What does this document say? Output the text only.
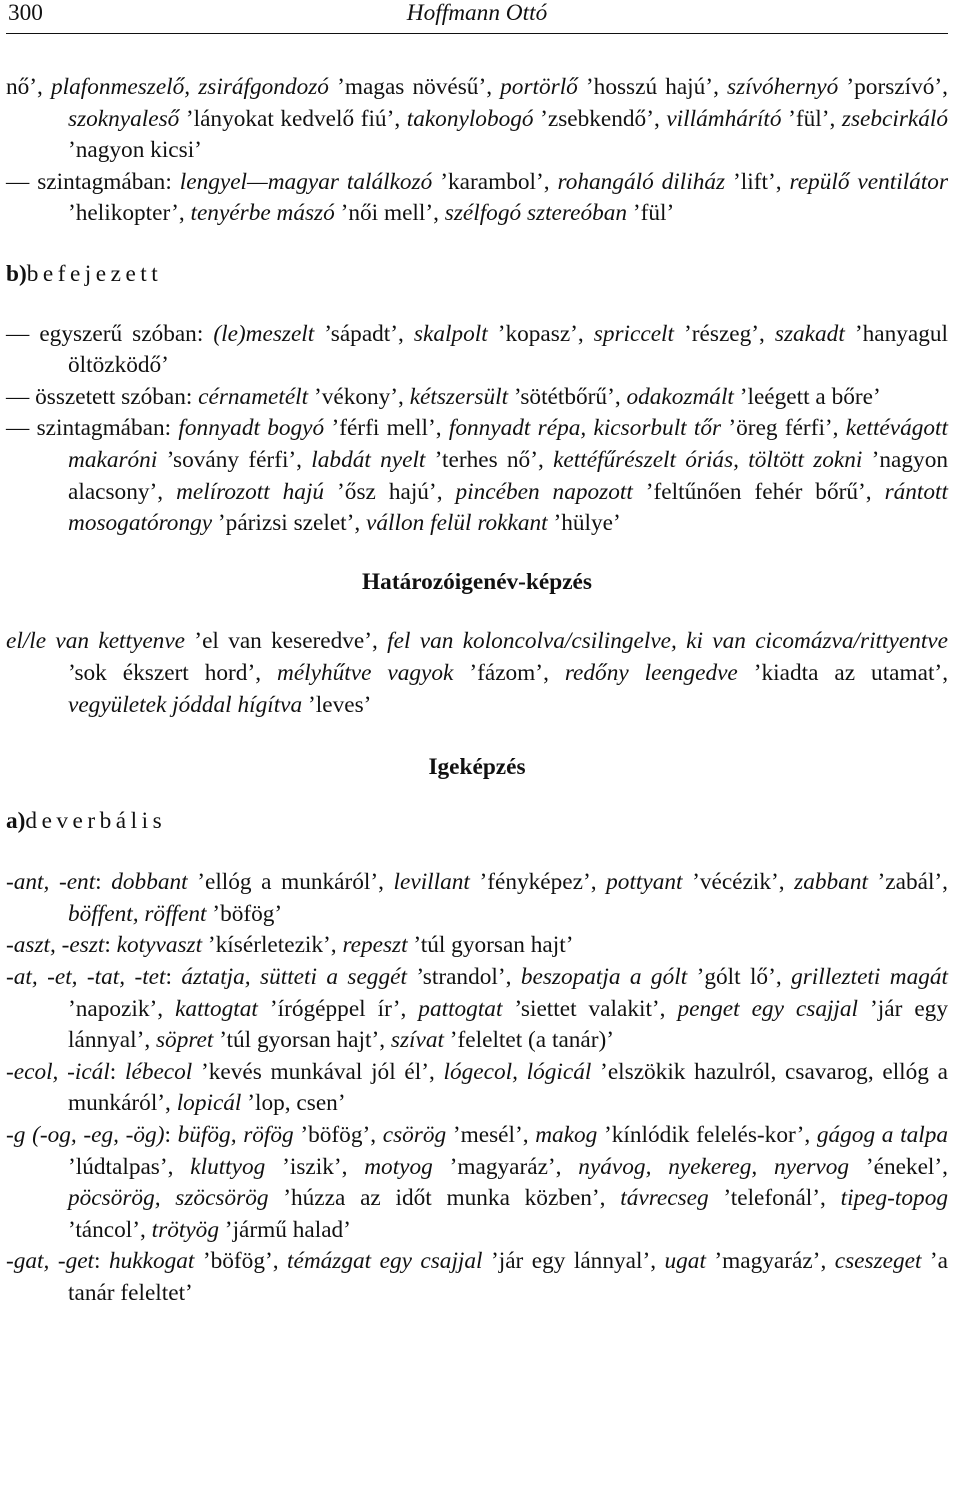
300	Hoffmann Ottó
nő’, plafonmeszelő, zsiráfgondozó ’magas növésű’, portörlő ’hosszú hajú’, szívóhernyó ’porszívó’, szoknyaleső ’lányokat kedvelő fiú’, takonylobogó ’zsebkendő’, villámhárító ’fül’, zsebcirkáló ’nagyon kicsi’
— szintagmában: lengyel—magyar találkozó ’karambol’, rohangáló diliház ’lift’, repülő ventilátor ’helikopter’, tenyérbe mászó ’női mell’, szélfogó sztereóban ’fül’
b)befejezett
— egyszerű szóban: (le)meszelt ’sápadt’, skalpolt ’kopasz’, spriccelt ’részeg’, szakadt ’hanyagul öltözködő’
— összetett szóban: cérnametélt ’vékony’, kétszersült ’sötétbőrű’, odakozmált ’leégett a bőre’
— szintagmában: fonnyadt bogyó ’férfi mell’, fonnyadt répa, kicsorbult tőr ’öreg férfi’, kettévágott makaróni ’sovány férfi’, labdát nyelt ’terhes nő’, kettéfűrészelt óriás, töltött zokni ’nagyon alacsony’, melírozott hajú ’ősz hajú’, pincében napozott ’feltűnően fehér bőrű’, rántott mosogatórongy ’párizsi szelet’, vállon felül rokkant ’hülye’
Határozóigenév-képzés
el/le van kettyenve ’el van keseredve’, fel van koloncolva/csilingelve, ki van cicomázva/rittyentve ’sok ékszert hord’, mélyhűtve vagyok ’fázom’, redőny leengedve ’kiadta az utamat’, vegyületek jóddal hígítva ’leves’
Igeképzés
a)deverbális
-ant, -ent: dobbant ’ellóg a munkáról’, levillant ’fényképez’, pottyant ’vécézik’, zabbant ’zabál’, böffent, röffent ’böfög’
-aszt, -eszt: kotyvaszt ’kísérletezik’, repeszt ’túl gyorsan hajt’
-at, -et, -tat, -tet: áztatja, sütteti a seggét ’strandol’, beszopatja a gólt ’gólt lő’, grillezteti magát ’napozik’, kattogtat ’írógéppel ír’, pattogtat ’siettet valakit’, penget egy csajjal ’jár egy lánnyal’, söpret ’túl gyorsan hajt’, szívat ’feleltet (a tanár)’
-ecol, -icál: lébecol ’kevés munkával jól él’, lógecol, lógicál ’elszökik hazulról, csavarog, ellóg a munkáról’, lopicál ’lop, csen’
-g (-og, -eg, -ög): büfög, röfög ’böfög’, csörög ’mesél’, makog ’kínlódik felelés-kor’, gágog a talpa ’lúdtalpas’, kluttyog ’iszik’, motyog ’magyaráz’, nyávog, nyekereg, nyervog ’énekel’, pöcsörög, szöcsörög ’húzza az időt munka közben’, távrecseg ’telefonál’, tipeg-topog ’táncol’, trötyög ’jármű halad’
-gat, -get: hukkogat ’böfög’, témázgat egy csajjal ’jár egy lánnyal’, ugat ’magyaráz’, cseszeget ’a tanár feleltet’
